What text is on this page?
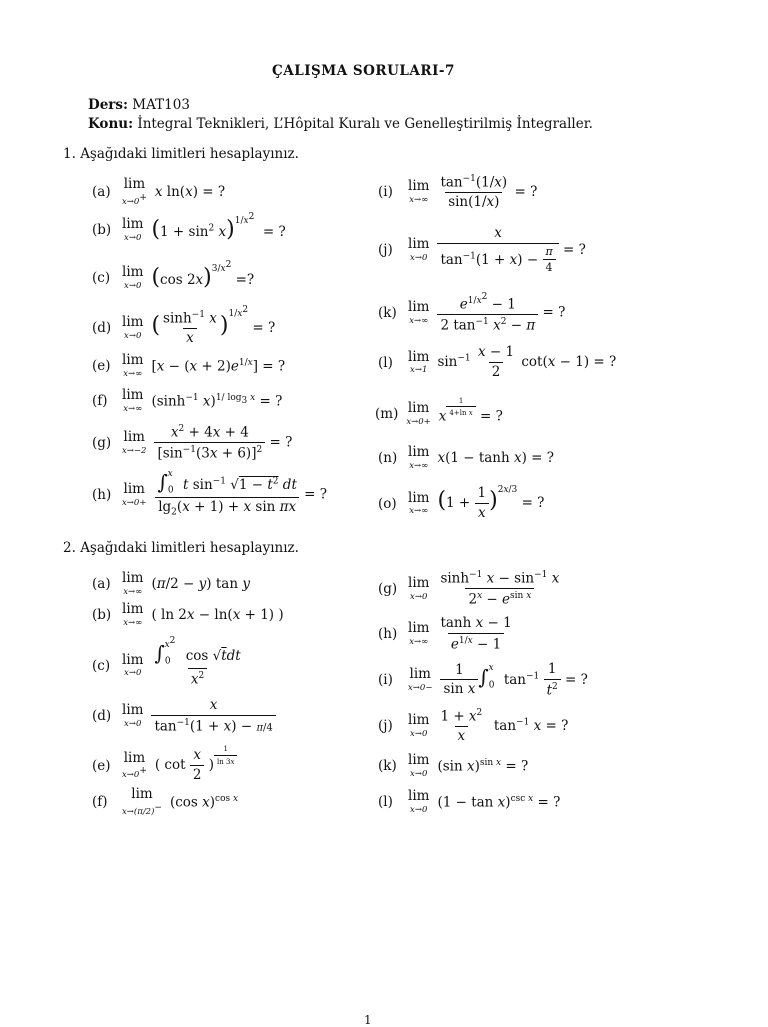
ÇALIŞMA SORULARI-7
Ders: MAT103
Konu: İntegral Teknikleri, L’Hôpital Kuralı ve Genelleştirilmiş İntegraller.
1. Aşağıdaki limitleri hesaplayınız.
(a) lim
x→0+ x ln(x) = ?
(b) lim
x→0 $(1 + \sin^2 x)^{1/x^2}$  = ?
(c) lim
x→0 (cos 2x)$^{3/x^2}$ =?
(d) lim
x→0 ( $\frac{\sinh^{-1} x}{x} )^{1/x^2}$ = ?
(e) lim
x→∞ $[x - (x + 2)e^{1/x}]$ = ?
(f)	lim
x→∞ ($\sinh^{-1}$ x)$^{1/ log_3 x}$ = ?
(g) lim
$x\to-2 \frac{x^2 + 4x + 4}{[\sin^{-1}(3x + 6)]^2}$ = ?
(h) lim
$x\to 0+ \frac{\int_0^x t \sin^{-1} √1 - t^2 dt}{\lg_2(x + 1) + x \sin \pi x}$ = ?
(i)	lim
$x\to\infty \frac{\tan^{-1}(1/x)}{\sin(1/x)}$ = ?
(j)	lim
$x\to 0 \frac{x}{\tan^{-1}(1 + x) - \frac{\pi}{4}}$ = ?
(k) lim
$x\to\infty \frac{e^{1/x^2} - 1}{2 \tan^{-1} x^2 - \pi}$ = ?
(l)	lim
x→1 $\sin^{-1} \frac{x - 1}{2} \cot(x - 1)$ = ?
(m) lim
x→0+ x $^{\frac{1}{\text{4+ln x}}}$ = ?
(n) lim
x→∞ x(1 − tanh x) = ?
(o) lim
x→∞ $(1 + \frac{1}{x} )^{2x/3}$ = ?
2. Aşağıdaki limitleri hesaplayınız.
(a) lim
x→∞ (π/2 − y) tan y
(b) lim
x→∞ ( ln 2x − ln(x + 1) )
(c) lim
x→0
$\int_0^{x^2}$ cos √tdt
$x^2$
(d) lim
$x\to 0 \frac{x}{\tan^{-1}(1 + x) - \pi/4}$
(e) lim
x→0+ ( $\cot \frac{x}{2}$ ) $^{\frac{1}{\ln 3x}}$
(f)	lim
x→(π/2)− (cos x)$^{cos x}$
(g) lim
$x\to 0 \frac{\sinh^{-1} x - \sin^{-1} x}{2^x - e^{sin x}}$
(h) lim
$x\to\infty \frac{\text{tanh x − 1}}{e^{1/x} - 1}$
(i)	lim
$x\to 0- \frac{1}{\text{sin x}} \int_0^x$ $\tan^{-1} \frac{1}{t^2}$ = ?
(j)	lim
$x\to 0 \frac{1 + x^2}{x} \tan^{-1} x$ = ?
(k) lim
x→0 (sin x)$^{sin x}$ = ?
(l)	lim
x→0 $(1 - \tan x)^{csc x}$ = ?
1
